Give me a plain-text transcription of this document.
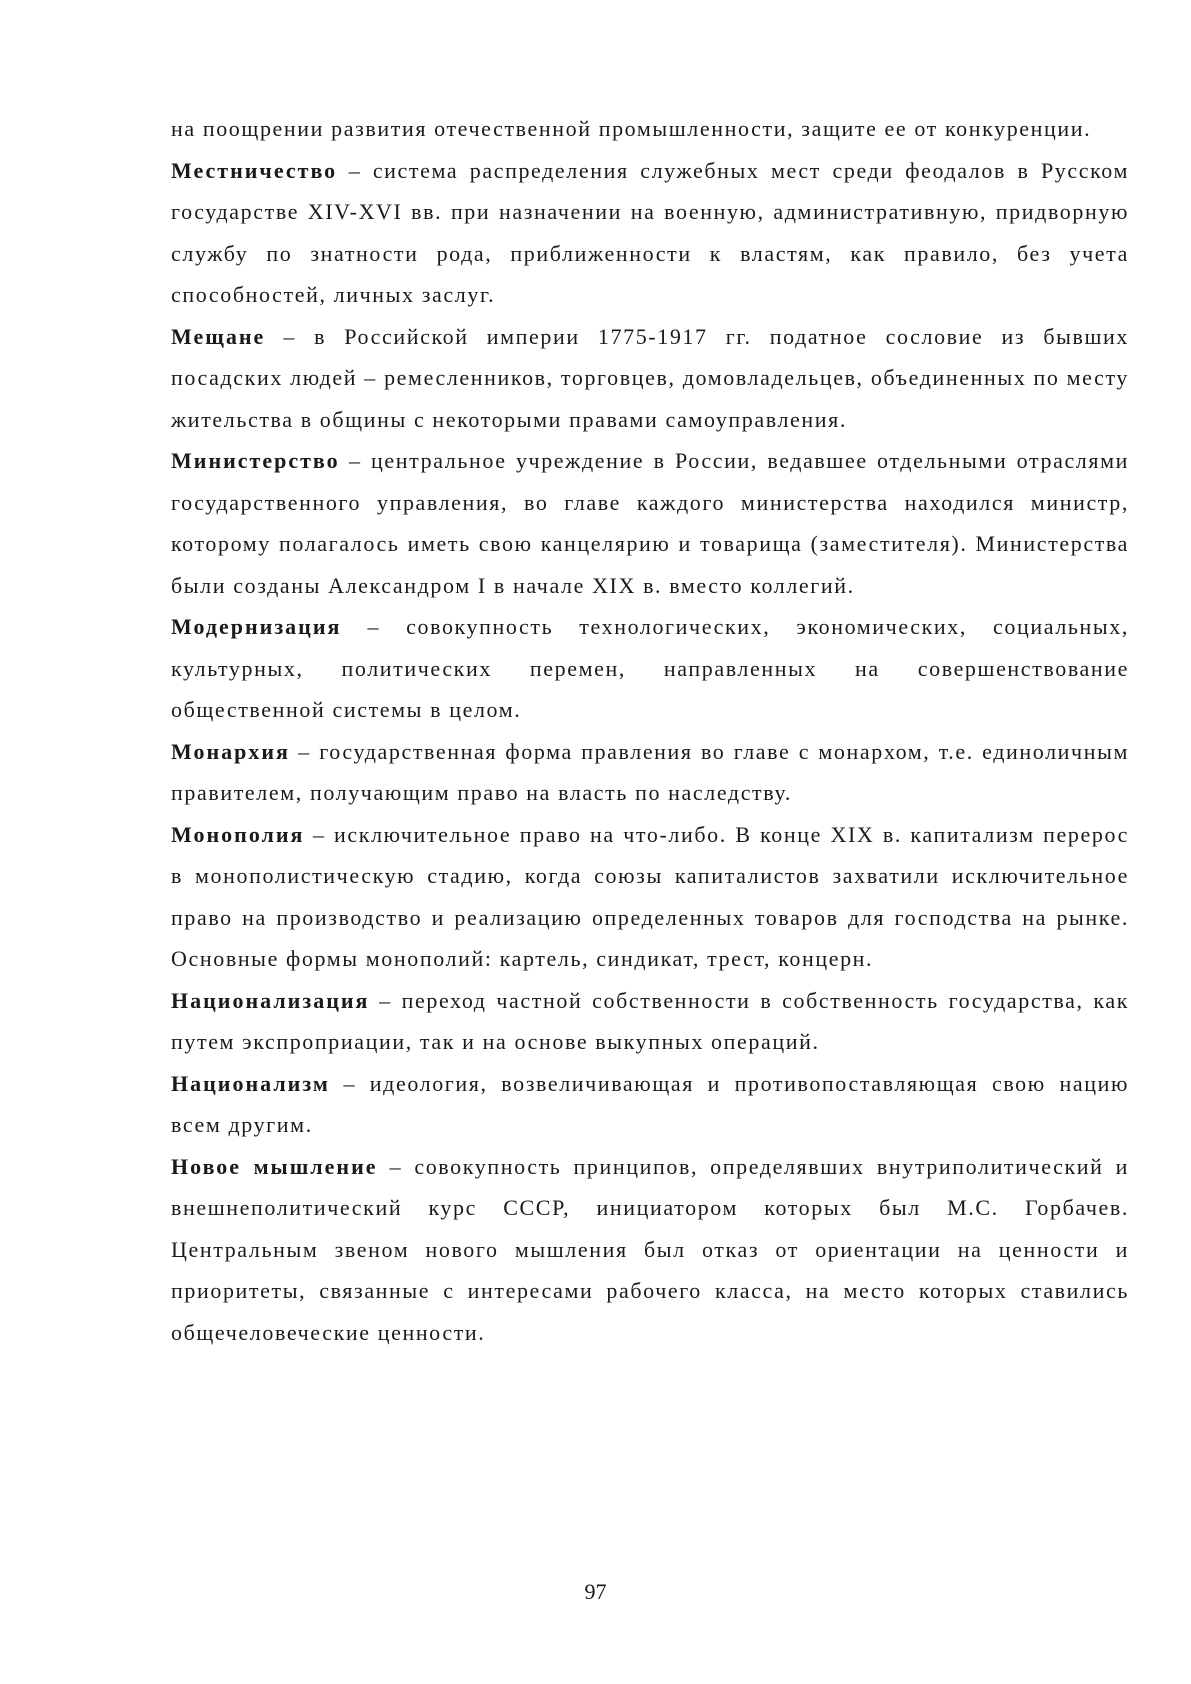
на поощрении развития отечественной промышленности, защите ее от конкуренции.

Местничество – система распределения служебных мест среди феодалов в Русском государстве XIV-XVI вв. при назначении на военную, административную, придворную службу по знатности рода, приближенности к властям, как правило, без учета способностей, личных заслуг.

Мещане – в Российской империи 1775-1917 гг. податное сословие из бывших посадских людей – ремесленников, торговцев, домовладельцев, объединенных по месту жительства в общины с некоторыми правами самоуправления.

Министерство – центральное учреждение в России, ведавшее отдельными отраслями государственного управления, во главе каждого министерства находился министр, которому полагалось иметь свою канцелярию и товарища (заместителя). Министерства были созданы Александром I в начале XIX в. вместо коллегий.

Модернизация – совокупность технологических, экономических, социальных, культурных, политических перемен, направленных на совершенствование общественной системы в целом.

Монархия – государственная форма правления во главе с монархом, т.е. единоличным правителем, получающим право на власть по наследству.

Монополия – исключительное право на что-либо. В конце XIX в. капитализм перерос в монополистическую стадию, когда союзы капиталистов захватили исключительное право на производство и реализацию определенных товаров для господства на рынке. Основные формы монополий: картель, синдикат, трест, концерн.

Национализация – переход частной собственности в собственность государства, как путем экспроприации, так и на основе выкупных операций.

Национализм – идеология, возвеличивающая и противопоставляющая свою нацию всем другим.

Новое мышление – совокупность принципов, определявших внутриполитический и внешнеполитический курс СССР, инициатором которых был М.С. Горбачев. Центральным звеном нового мышления был отказ от ориентации на ценности и приоритеты, связанные с интересами рабочего класса, на место которых ставились общечеловеческие ценности.

97
